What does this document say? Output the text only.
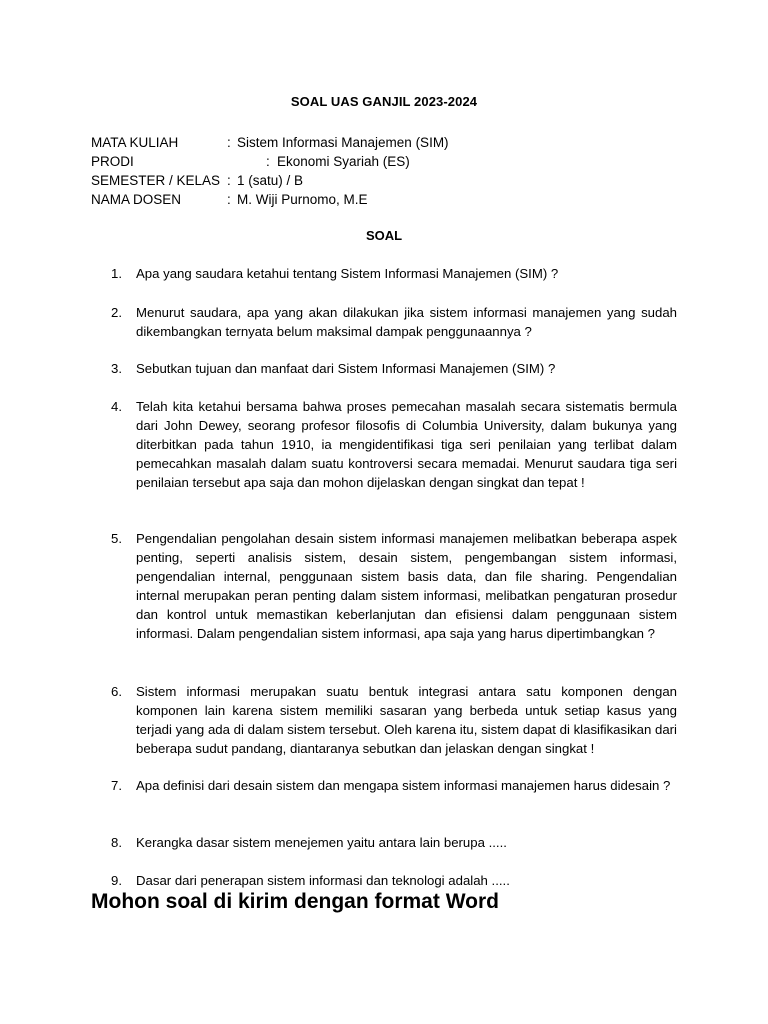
SOAL UAS GANJIL 2023-2024
MATA KULIAH	: Sistem Informasi Manajemen (SIM)
PRODI	: Ekonomi Syariah (ES)
SEMESTER / KELAS : 1 (satu) / B
NAMA DOSEN	: M. Wiji Purnomo, M.E
SOAL
1.	Apa yang saudara ketahui tentang Sistem Informasi Manajemen (SIM) ?
2.	Menurut saudara, apa yang akan dilakukan jika sistem informasi manajemen yang sudah dikembangkan ternyata belum maksimal dampak penggunaannya ?
3.	Sebutkan tujuan dan manfaat dari Sistem Informasi Manajemen (SIM) ?
4.	Telah kita ketahui bersama bahwa proses pemecahan masalah secara sistematis bermula dari John Dewey, seorang profesor filosofis di Columbia University, dalam bukunya yang diterbitkan pada tahun 1910, ia mengidentifikasi tiga seri penilaian yang terlibat dalam pemecahkan masalah dalam suatu kontroversi secara memadai. Menurut saudara tiga seri penilaian tersebut apa saja dan mohon dijelaskan dengan singkat dan tepat !
5.	Pengendalian pengolahan desain sistem informasi manajemen melibatkan beberapa aspek penting, seperti analisis sistem, desain sistem, pengembangan sistem informasi, pengendalian internal, penggunaan sistem basis data, dan file sharing. Pengendalian internal merupakan peran penting dalam sistem informasi, melibatkan pengaturan prosedur dan kontrol untuk memastikan keberlanjutan dan efisiensi dalam penggunaan sistem informasi. Dalam pengendalian sistem informasi, apa saja yang harus dipertimbangkan ?
6.	Sistem informasi merupakan suatu bentuk integrasi antara satu komponen dengan komponen lain karena sistem memiliki sasaran yang berbeda untuk setiap kasus yang terjadi yang ada di dalam sistem tersebut. Oleh karena itu, sistem dapat di klasifikasikan dari beberapa sudut pandang, diantaranya sebutkan dan jelaskan dengan singkat !
7.	Apa definisi dari desain sistem dan mengapa sistem informasi manajemen harus didesain ?
8.	Kerangka dasar sistem menejemen yaitu antara lain berupa .....
9.	Dasar dari penerapan sistem informasi dan teknologi adalah .....
Mohon soal di kirim dengan format Word
